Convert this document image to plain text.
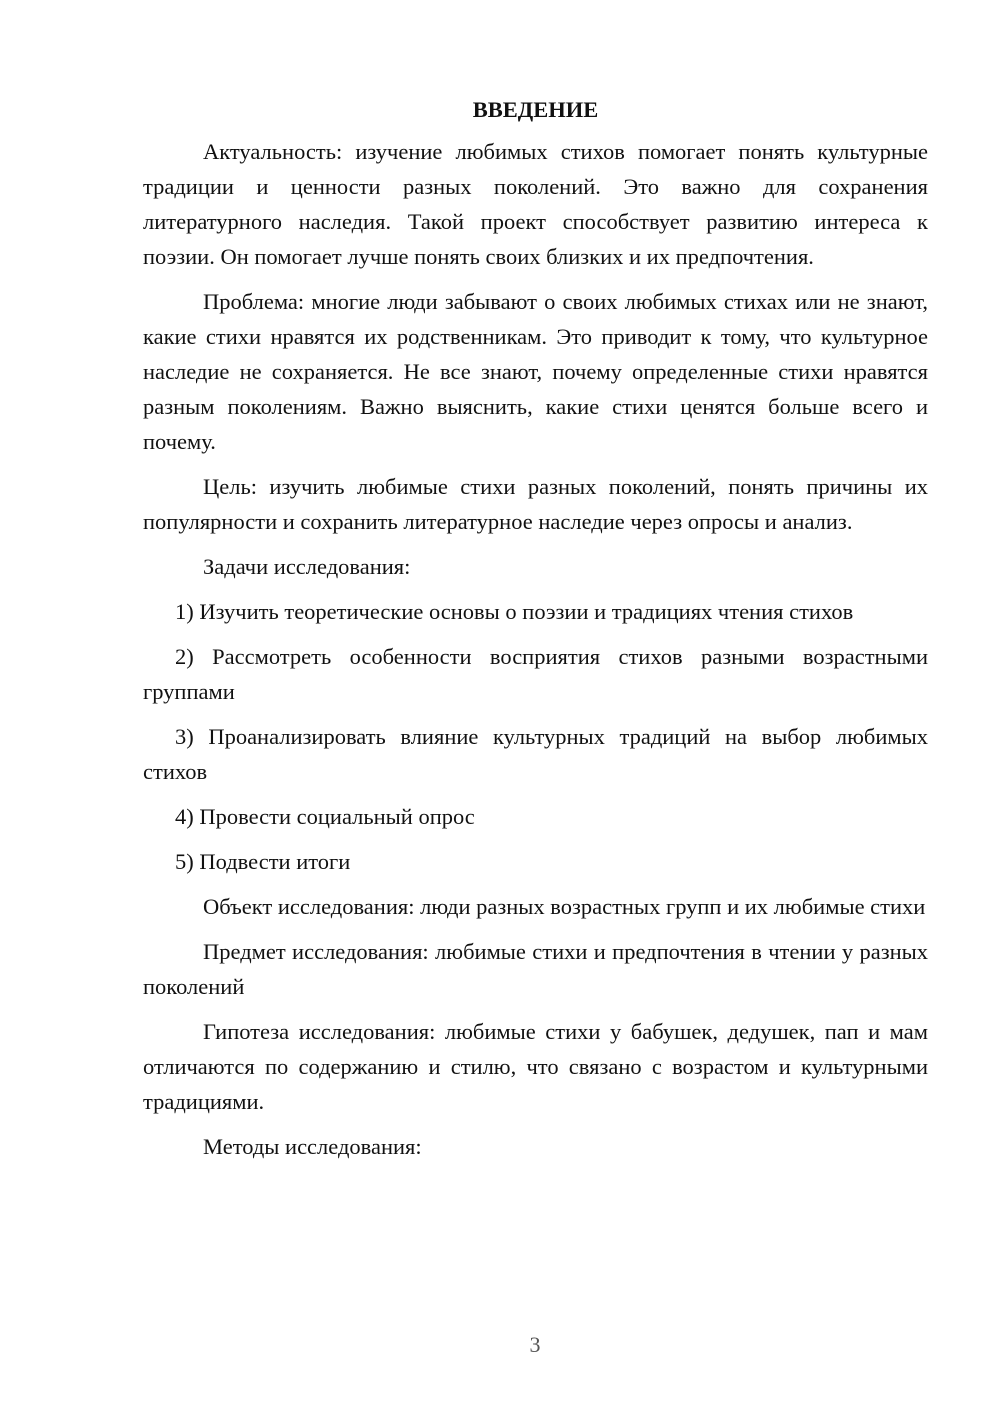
ВВЕДЕНИЕ

Актуальность: изучение любимых стихов помогает понять культурные традиции и ценности разных поколений. Это важно для сохранения литературного наследия. Такой проект способствует развитию интереса к поэзии. Он помогает лучше понять своих близких и их предпочтения.

Проблема: многие люди забывают о своих любимых стихах или не знают, какие стихи нравятся их родственникам. Это приводит к тому, что культурное наследие не сохраняется. Не все знают, почему определенные стихи нравятся разным поколениям. Важно выяснить, какие стихи ценятся больше всего и почему.

Цель: изучить любимые стихи разных поколений, понять причины их популярности и сохранить литературное наследие через опросы и анализ.

Задачи исследования:

1) Изучить теоретические основы о поэзии и традициях чтения стихов

2) Рассмотреть особенности восприятия стихов разными возрастными группами

3) Проанализировать влияние культурных традиций на выбор любимых стихов

4) Провести социальный опрос

5) Подвести итоги

Объект исследования: люди разных возрастных групп и их любимые стихи

Предмет исследования: любимые стихи и предпочтения в чтении у разных поколений

Гипотеза исследования: любимые стихи у бабушек, дедушек, пап и мам отличаются по содержанию и стилю, что связано с возрастом и культурными традициями.

Методы исследования:

3
